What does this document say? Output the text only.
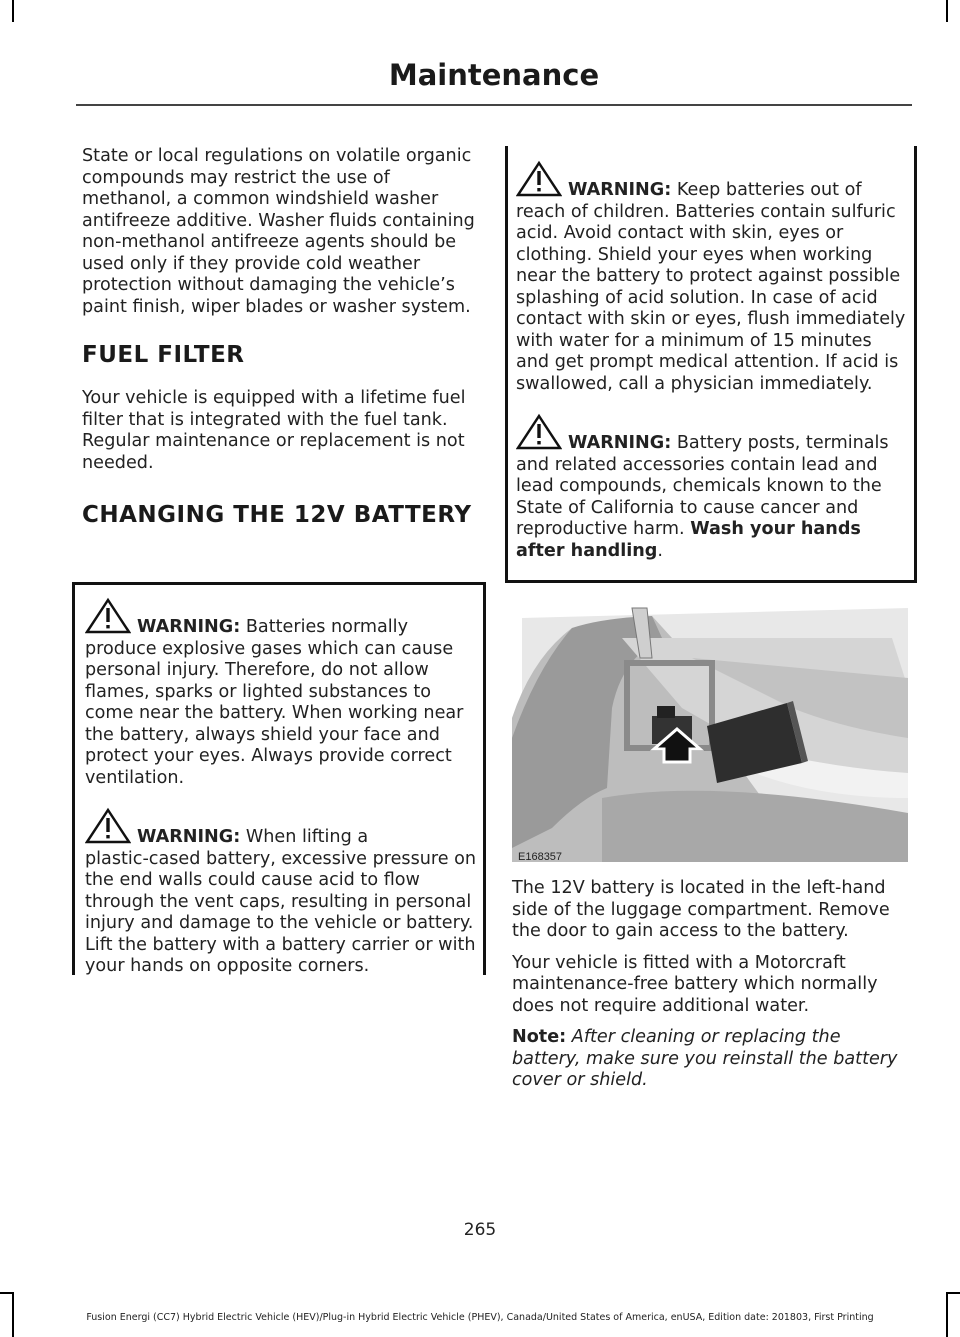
Maintenance

State or local regulations on volatile organic compounds may restrict the use of methanol, a common windshield washer antifreeze additive. Washer fluids containing non-methanol antifreeze agents should be used only if they provide cold weather protection without damaging the vehicle’s paint finish, wiper blades or washer system.

FUEL FILTER

Your vehicle is equipped with a lifetime fuel filter that is integrated with the fuel tank. Regular maintenance or replacement is not needed.

CHANGING THE 12V BATTERY
WARNING: Batteries normally
produce explosive gases which can cause personal injury. Therefore, do not allow flames, sparks or lighted substances to come near the battery. When working near the battery, always shield your face and protect your eyes. Always provide correct ventilation.
WARNING: When lifting a
plastic-cased battery, excessive pressure on the end walls could cause acid to flow through the vent caps, resulting in personal injury and damage to the vehicle or battery. Lift the battery with a battery carrier or with your hands on opposite corners.
WARNING: Keep batteries out of
reach of children. Batteries contain sulfuric acid. Avoid contact with skin, eyes or clothing. Shield your eyes when working near the battery to protect against possible splashing of acid solution. In case of acid contact with skin or eyes, flush immediately with water for a minimum of 15 minutes and get prompt medical attention. If acid is swallowed, call a physician immediately.
WARNING: Battery posts, terminals
and related accessories contain lead and lead compounds, chemicals known to the State of California to cause cancer and reproductive harm. Wash your hands after handling.
E168357

The 12V battery is located in the left-hand side of the luggage compartment. Remove the door to gain access to the battery.

Your vehicle is fitted with a Motorcraft maintenance-free battery which normally does not require additional water.

Note: After cleaning or replacing the battery, make sure you reinstall the battery cover or shield.

265
Fusion Energi (CC7) Hybrid Electric Vehicle (HEV)/Plug-in Hybrid Electric Vehicle (PHEV), Canada/United States of America, enUSA, Edition date: 201803, First Printing
